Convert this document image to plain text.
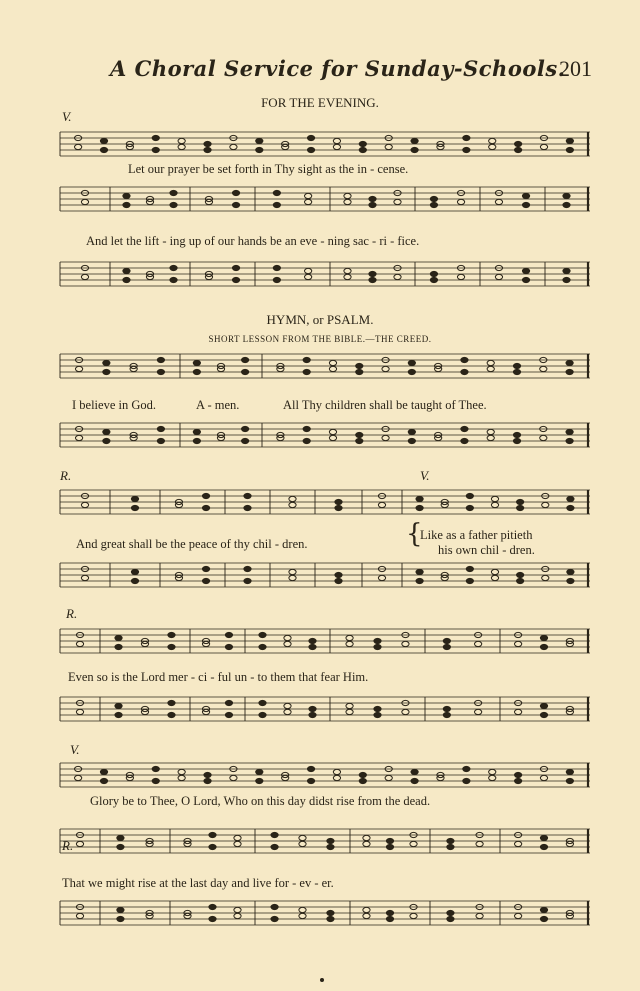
A Choral Service for Sunday-Schools.
201
FOR THE EVENING.
HYMN, or PSALM.
SHORT LESSON FROM THE BIBLE.—THE CREED.
V.
R.	V.
R.
V.
R.
Let our prayer be set forth in Thy sight as the in - cense.
And let the lift - ing up of our hands be an eve - ning sac - ri - fice.
I believe in God.	A - men.	All Thy children shall be taught of Thee.
And great shall be the peace of thy chil - dren.
Like as a father pitieth
his own chil - dren.
Even so is the Lord mer - ci - ful un - to them that fear Him.
Glory be to Thee, O Lord, Who on this day didst rise from the dead.
That we might rise at the last day and live for - ev - er.
{
